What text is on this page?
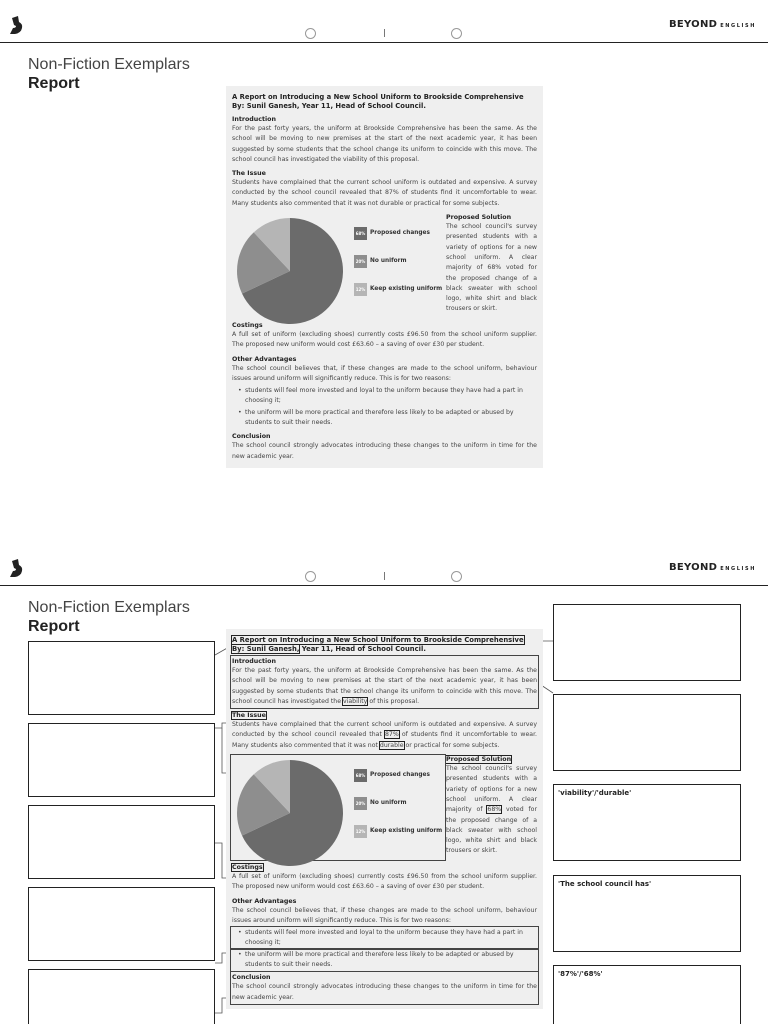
BEYOND ENGLISH
Non-Fiction Exemplars
Report
A Report on Introducing a New School Uniform to Brookside Comprehensive
By: Sunil Ganesh, Year 11, Head of School Council.
Introduction

For the past forty years, the uniform at Brookside Comprehensive has been the same. As the school will be moving to new premises at the start of the next academic year, it has been suggested by some students that the school change its uniform to coincide with this move. The school council has investigated the viability of this proposal.

The Issue

Students have complained that the current school uniform is outdated and expensive. A survey conducted by the school council revealed that 87% of students find it uncomfortable to wear. Many students also commented that it was not durable or practical for some subjects.

68% Proposed changes
20% No uniform
12% Keep existing uniform
Proposed Solution

The school council's survey presented students with a variety of options for a new school uniform. A clear majority of 68% voted for the proposed change of a black sweater with school logo, white shirt and black trousers or skirt.

Costings

A full set of uniform (excluding shoes) currently costs £96.50 from the school uniform supplier. The proposed new uniform would cost £63.60 – a saving of over £30 per student.

Other Advantages

The school council believes that, if these changes are made to the school uniform, behaviour issues around uniform will significantly reduce. This is for two reasons:

• students will feel more invested and loyal to the uniform because they have had a part in choosing it;
• the uniform will be more practical and therefore less likely to be adapted or abused by students to suit their needs.
Conclusion

The school council strongly advocates introducing these changes to the uniform in time for the new academic year.

BEYOND ENGLISH
Non-Fiction Exemplars
Report
'viability'/'durable'
'The school council has'
'87%'/'68%'
A Report on Introducing a New School Uniform to Brookside Comprehensive
By: Sunil Ganesh, Year 11, Head of School Council.
Introduction

For the past forty years, the uniform at Brookside Comprehensive has been the same. As the school will be moving to new premises at the start of the next academic year, it has been suggested by some students that the school change its uniform to coincide with this move. The school council has investigated the viability of this proposal.

The Issue

Students have complained that the current school uniform is outdated and expensive. A survey conducted by the school council revealed that 87% of students find it uncomfortable to wear. Many students also commented that it was not durable or practical for some subjects.

68% Proposed changes
20% No uniform
12% Keep existing uniform
Proposed Solution

The school council's survey presented students with a variety of options for a new school uniform. A clear majority of 68% voted for the proposed change of a black sweater with school logo, white shirt and black trousers or skirt.

Costings

A full set of uniform (excluding shoes) currently costs £96.50 from the school uniform supplier. The proposed new uniform would cost £63.60 – a saving of over £30 per student.

Other Advantages

The school council believes that, if these changes are made to the school uniform, behaviour issues around uniform will significantly reduce. This is for two reasons:

• students will feel more invested and loyal to the uniform because they have had a part in choosing it;
• the uniform will be more practical and therefore less likely to be adapted or abused by students to suit their needs.
Conclusion

The school council strongly advocates introducing these changes to the uniform in time for the new academic year.
